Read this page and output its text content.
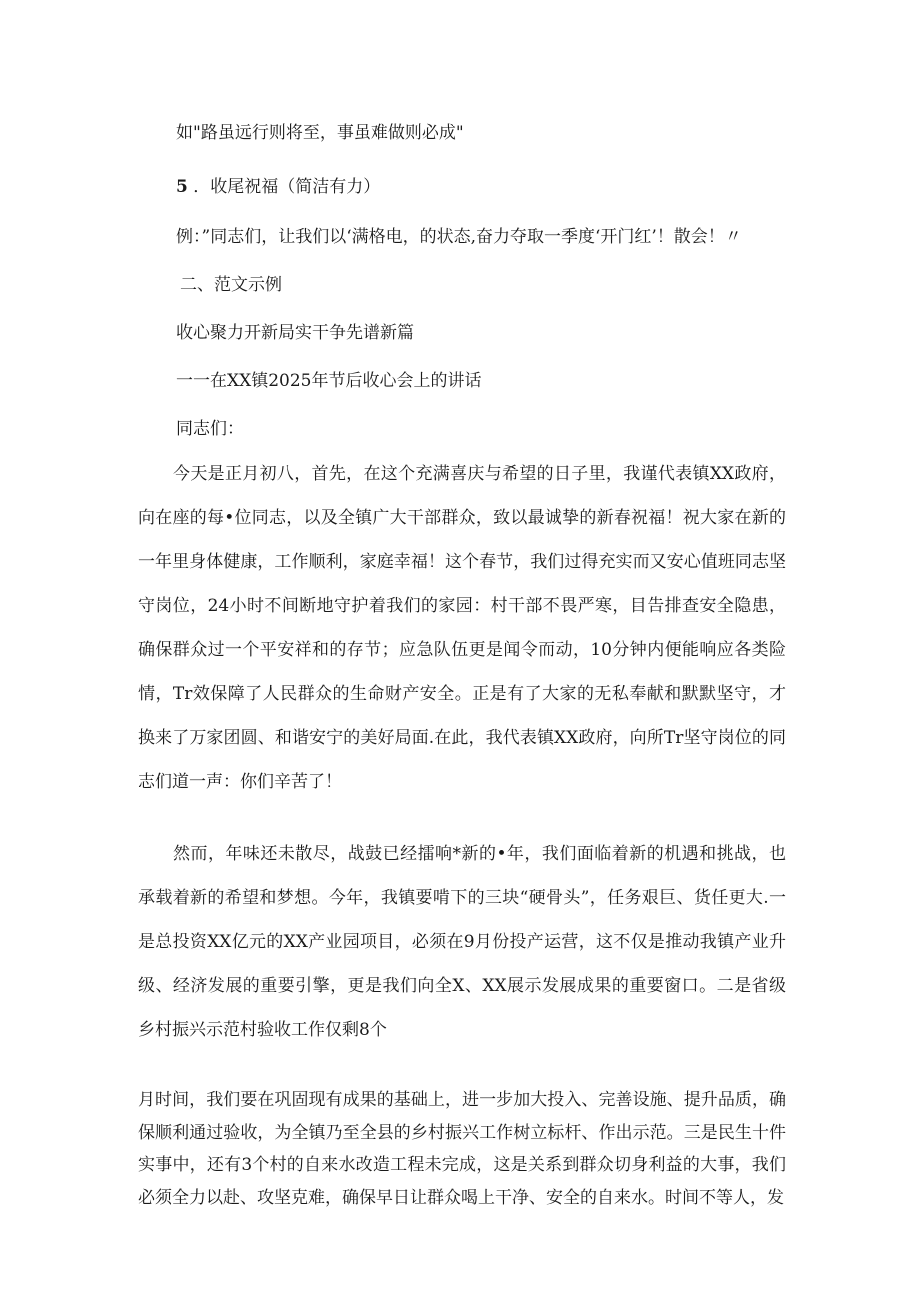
如"路虽远行则将至，事虽难做则必成"
5 ．收尾祝福（简洁有力）
例：”同志们，让我们以‘满格电，的状态,奋力夺取一季度‘开门红’！散会！〃
二、范文示例
收心聚力开新局实干争先谱新篇
一一在XX镇2025年节后收心会上的讲话
同志们：

今天是正月初八，首先，在这个充满喜庆与希望的日子里，我谨代表镇XX政府，向在座的每•位同志，以及全镇广大干部群众，致以最诚挚的新春祝福！祝大家在新的一年里身体健康，工作顺利，家庭幸福！这个春节，我们过得充实而又安心值班同志坚守岗位，24小时不间断地守护着我们的家园：村干部不畏严寒，目告排查安全隐患，确保群众过一个平安祥和的存节；应急队伍更是闻令而动，10分钟内便能响应各类险情，Tr效保障了人民群众的生命财产安全。正是有了大家的无私奉献和默默坚守，才换来了万家团圆、和谐安宁的美好局面.在此，我代表镇XX政府，向所Tr坚守岗位的同志们道一声：你们辛苦了！

然而，年味还未散尽，战鼓已经擂响*新的•年，我们面临着新的机遇和挑战，也承载着新的希望和梦想。今年，我镇要啃下的三块“硬骨头”，任务艰巨、货任更大.一是总投资XX亿元的XX产业园项目，必须在9月份投产运营，这不仅是推动我镇产业升级、经济发展的重要引擎，更是我们向全X、XX展示发展成果的重要窗口。二是省级乡村振兴示范村验收工作仅剩8个

月时间，我们要在巩固现有成果的基础上，进一步加大投入、完善设施、提升品质，确保顺利通过验收，为全镇乃至全县的乡村振兴工作树立标杆、作出示范。三是民生十件实事中，还有3个村的自来水改造工程未完成，这是关系到群众切身利益的大事，我们必须全力以赴、攻坚克难，确保早日让群众喝上干净、安全的自来水。时间不等人，发
